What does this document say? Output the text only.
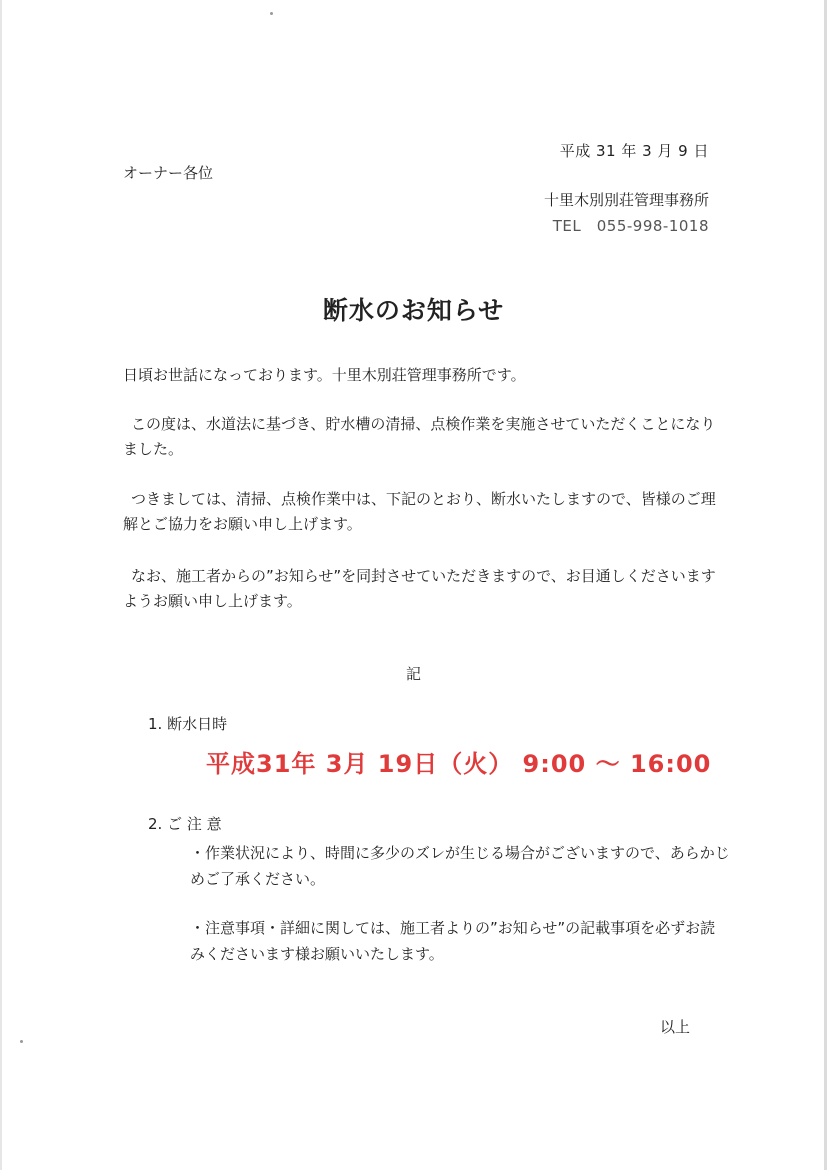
平成 31 年 3 月 9 日
オーナー各位
十里木別別荘管理事務所
TEL　055-998-1018
断水のお知らせ
日頃お世話になっております。十里木別荘管理事務所です。
この度は、水道法に基づき、貯水槽の清掃、点検作業を実施させていただくことになりました。
つきましては、清掃、点検作業中は、下記のとおり、断水いたしますので、皆様のご理解とご協力をお願い申し上げます。
なお、施工者からの”お知らせ”を同封させていただきますので、お目通しくださいますようお願い申し上げます。
記
1. 断水日時
平成31年 3月 19日（火） 9:00 ～ 16:00
2. ご 注 意
・作業状況により、時間に多少のズレが生じる場合がございますので、あらかじめご了承ください。
・注意事項・詳細に関しては、施工者よりの”お知らせ”の記載事項を必ずお読みくださいます様お願いいたします。
以上
